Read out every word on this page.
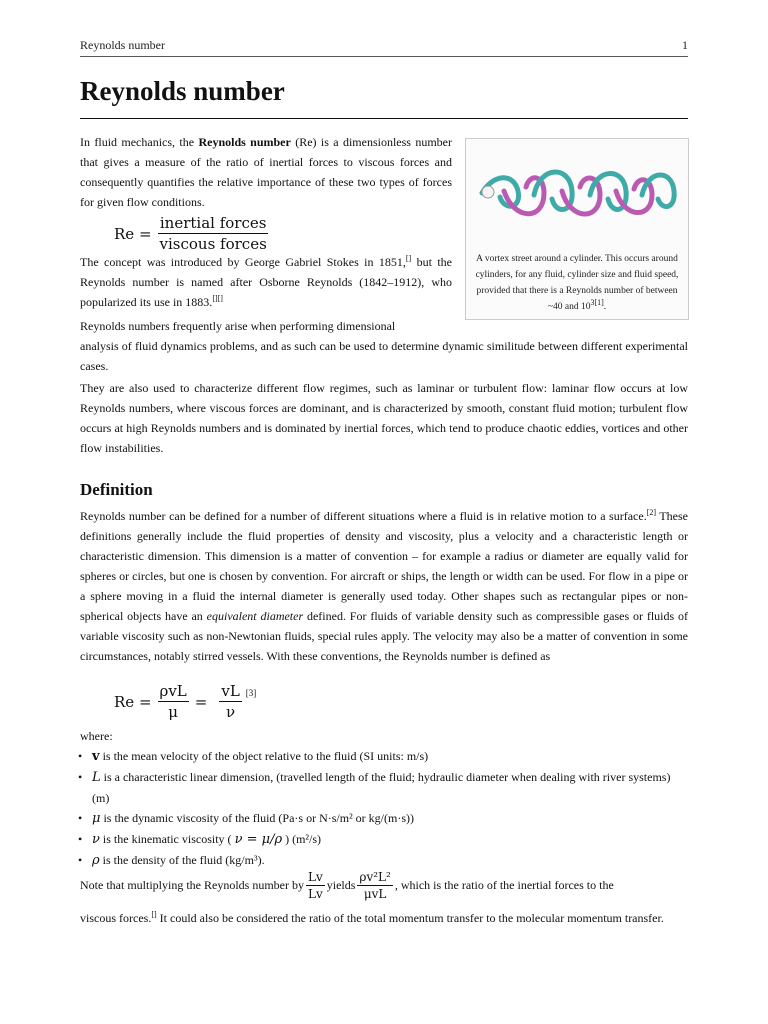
Reynolds number	1
Reynolds number

In fluid mechanics, the Reynolds number (Re) is a dimensionless number that gives a measure of the ratio of inertial forces to viscous forces and consequently quantifies the relative importance of these two types of forces for given flow conditions.

$Re = \frac{\text{inertial forces}}{\text{viscous forces}}$

The concept was introduced by George Gabriel Stokes in 1851,[] but the Reynolds number is named after Osborne Reynolds (1842–1912), who popularized its use in 1883.[][]

A vortex street around a cylinder. This occurs around cylinders, for any fluid, cylinder size and fluid speed, provided that there is a Reynolds number of between ~40 and $10^{3[1]}$.

Reynolds numbers frequently arise when performing dimensional

analysis of fluid dynamics problems, and as such can be used to determine dynamic similitude between different experimental cases.

They are also used to characterize different flow regimes, such as laminar or turbulent flow: laminar flow occurs at low Reynolds numbers, where viscous forces are dominant, and is characterized by smooth, constant fluid motion; turbulent flow occurs at high Reynolds numbers and is dominated by inertial forces, which tend to produce chaotic eddies, vortices and other flow instabilities.

Definition

Reynolds number can be defined for a number of different situations where a fluid is in relative motion to a surface.[2] These definitions generally include the fluid properties of density and viscosity, plus a velocity and a characteristic length or characteristic dimension. This dimension is a matter of convention – for example a radius or diameter are equally valid for spheres or circles, but one is chosen by convention. For aircraft or ships, the length or width can be used. For flow in a pipe or a sphere moving in a fluid the internal diameter is generally used today. Other shapes such as rectangular pipes or non-spherical objects have an equivalent diameter defined. For fluids of variable density such as compressible gases or fluids of variable viscosity such as non-Newtonian fluids, special rules apply. The velocity may also be a matter of convention in some circumstances, notably stirred vessels. With these conventions, the Reynolds number is defined as

$Re = \frac{\text{ρvL}}{\mu} = \frac{vL}{\nu} [3]$

where:

• v is the mean velocity of the object relative to the fluid (SI units: m/s)
• L is a characteristic linear dimension, (travelled length of the fluid; hydraulic diameter when dealing with river systems) (m)
• μ is the dynamic viscosity of the fluid (Pa·s or N·s/m² or kg/(m·s))
• ν is the kinematic viscosity ( ν = μ/ρ ) (m²/s)
• ρ is the density of the fluid (kg/m³).
Note that multiplying the Reynolds number by $\frac{Lv}{Lv}$ yields $\frac{\text{ρv²L²}}{\text{μvL}}$ , which is the ratio of the inertial forces to the

viscous forces.[] It could also be considered the ratio of the total momentum transfer to the molecular momentum transfer.
